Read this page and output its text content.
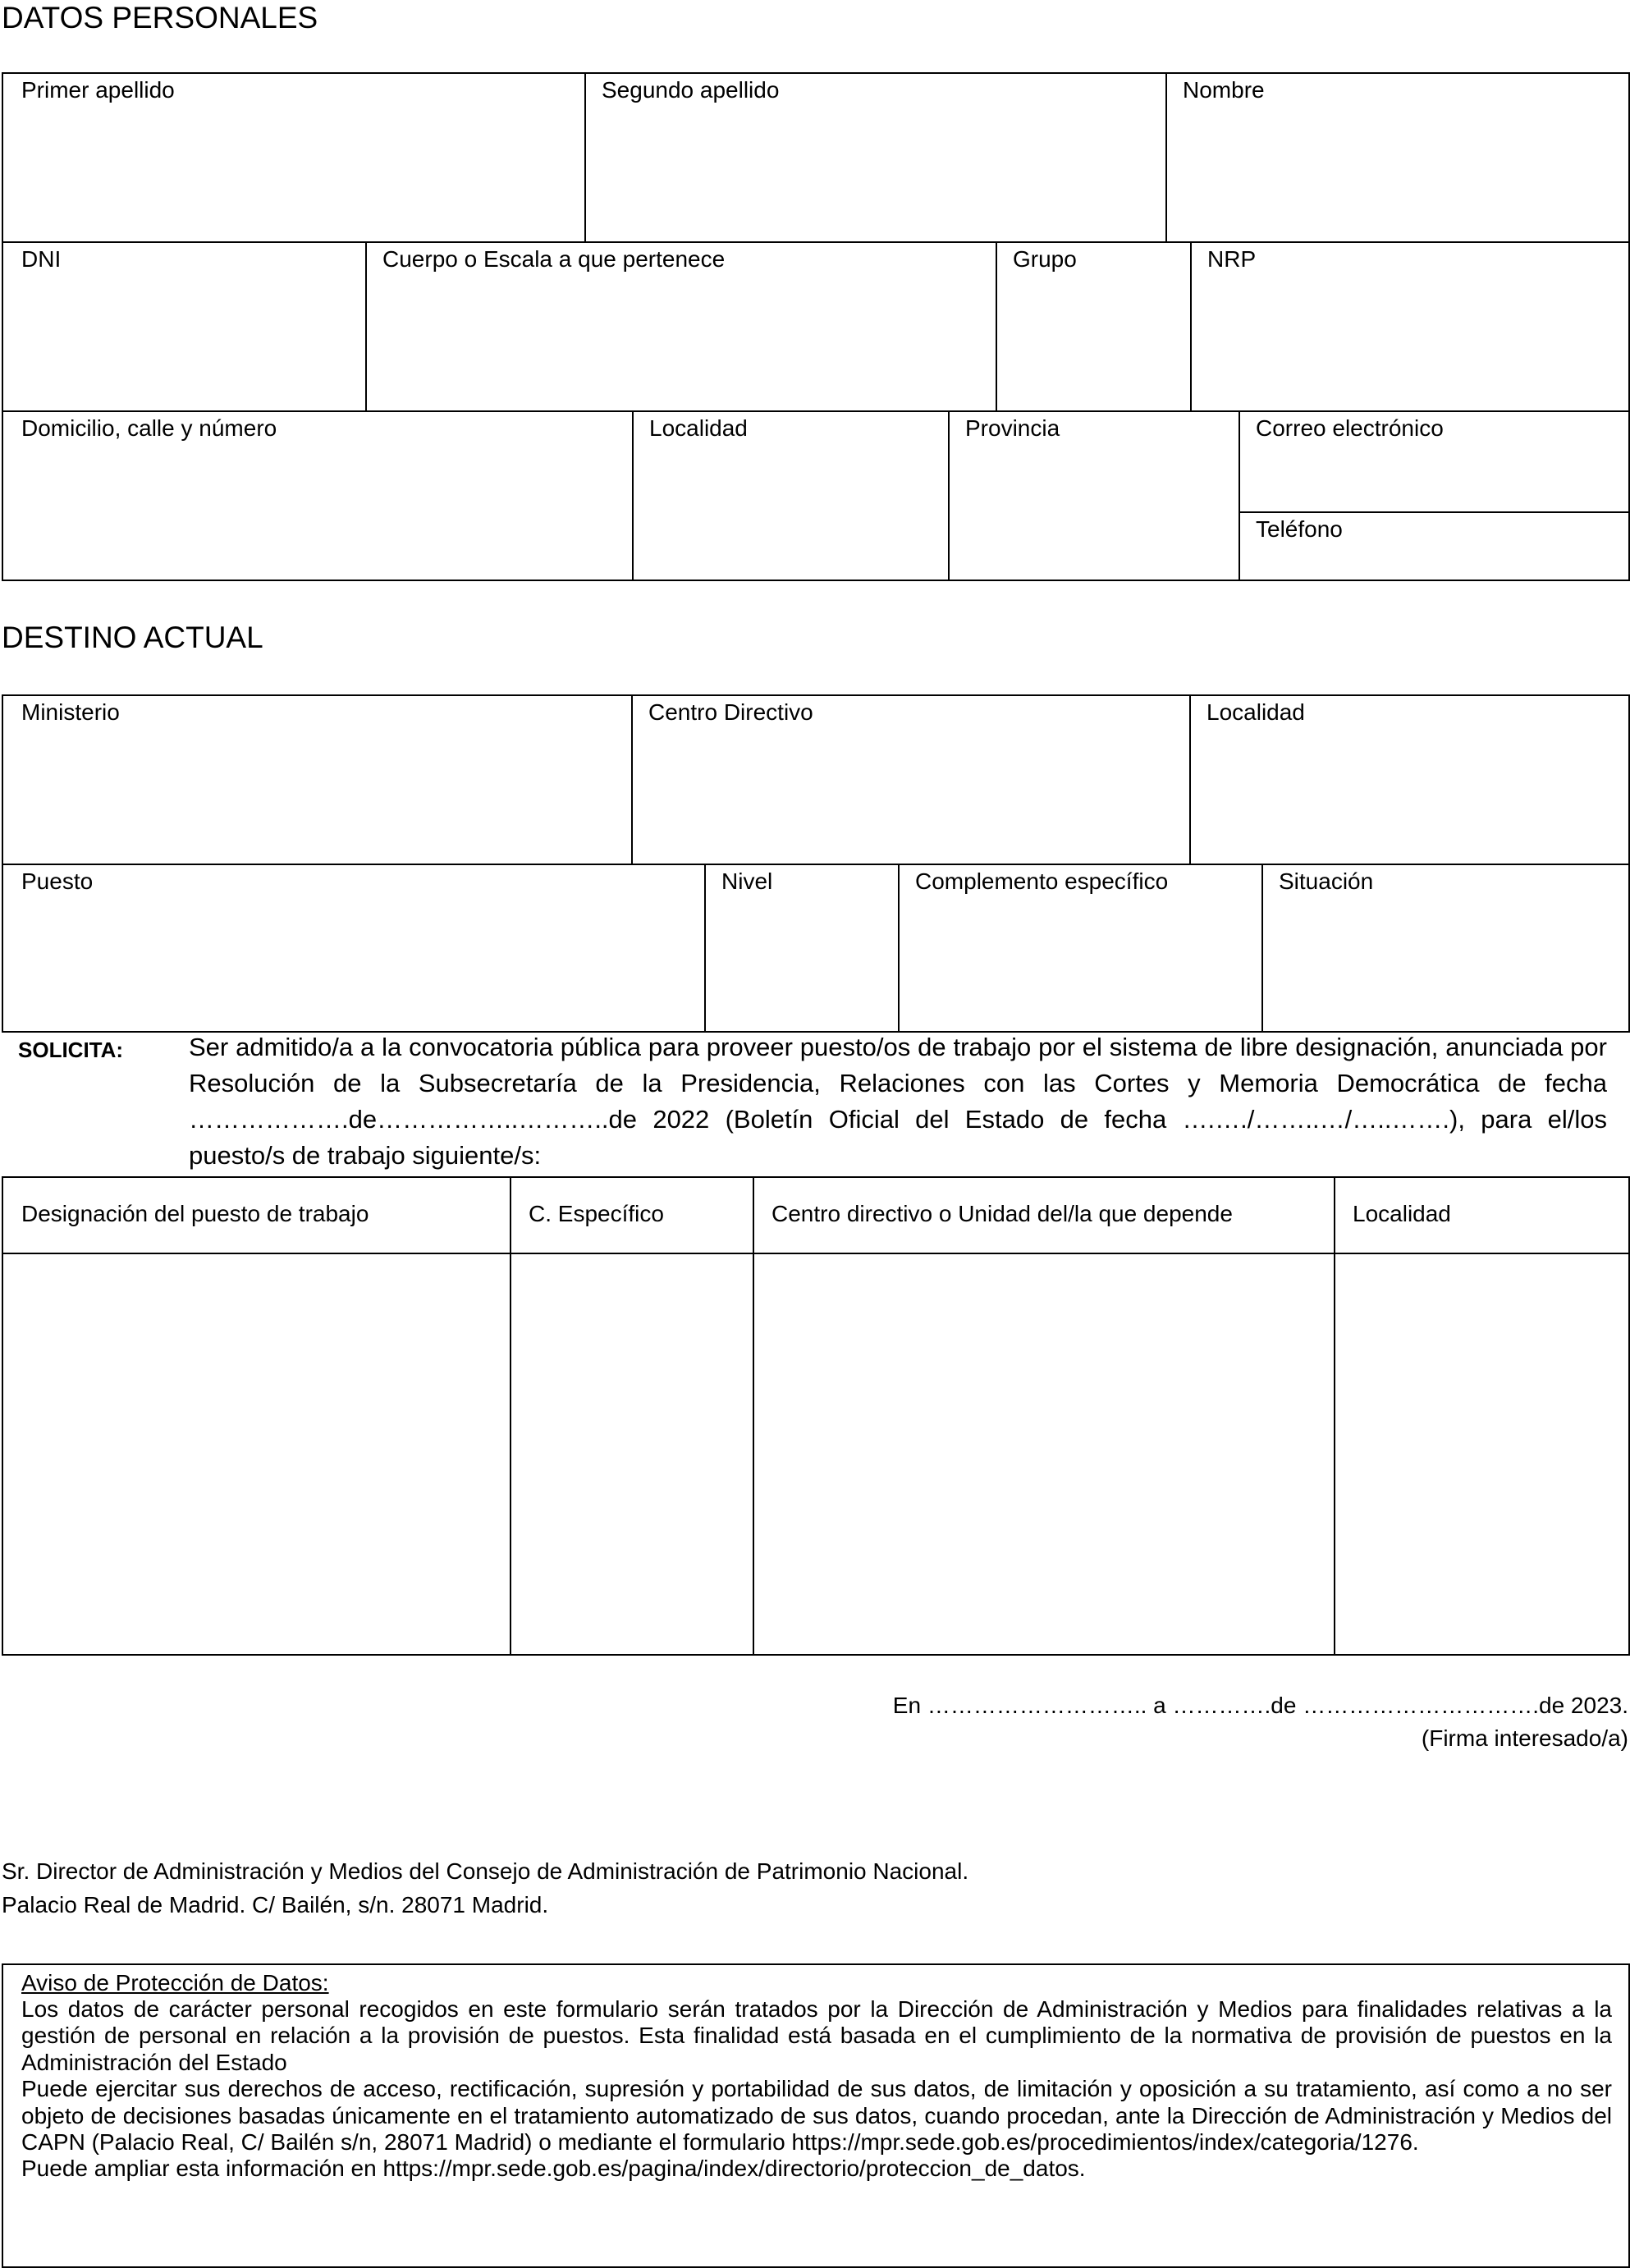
DATOS PERSONALES
Primer apellido	Segundo apellido	Nombre
DNI	Cuerpo o Escala a que pertenece	Grupo	NRP
Domicilio, calle y número	Localidad	Provincia	Correo electrónico
Teléfono
DESTINO ACTUAL
Ministerio	Centro Directivo	Localidad
Puesto	Nivel	Complemento específico	Situación
SOLICITA:	Ser admitido/a a la convocatoria pública para proveer puesto/os de trabajo por el sistema de libre designación, anunciada por Resolución de la Subsecretaría de la Presidencia, Relaciones con las Cortes y Memoria Democrática de fecha ……………….de……………..………..de 2022 (Boletín Oficial del Estado de fecha ….…./……..…/…..…….), para el/los puesto/s de trabajo siguiente/s:
Designación del puesto de trabajo	C. Específico	Centro directivo o Unidad del/la que depende	Localidad
En ……………………….. a ………….de ………………………….de 2023.
(Firma interesado/a)
Sr. Director de Administración y Medios del Consejo de Administración de Patrimonio Nacional.
Palacio Real de Madrid. C/ Bailén, s/n. 28071 Madrid.
Aviso de Protección de Datos:
Los datos de carácter personal recogidos en este formulario serán tratados por la Dirección de Administración y Medios para finalidades relativas a la gestión de personal en relación a la provisión de puestos. Esta finalidad está basada en el cumplimiento de la normativa de provisión de puestos en la Administración del Estado
Puede ejercitar sus derechos de acceso, rectificación, supresión y portabilidad de sus datos, de limitación y oposición a su tratamiento, así como a no ser objeto de decisiones basadas únicamente en el tratamiento automatizado de sus datos, cuando procedan, ante la Dirección de Administración y Medios del CAPN (Palacio Real, C/ Bailén s/n, 28071 Madrid) o mediante el formulario https://mpr.sede.gob.es/procedimientos/index/categoria/1276.
Puede ampliar esta información en https://mpr.sede.gob.es/pagina/index/directorio/proteccion_de_datos.
